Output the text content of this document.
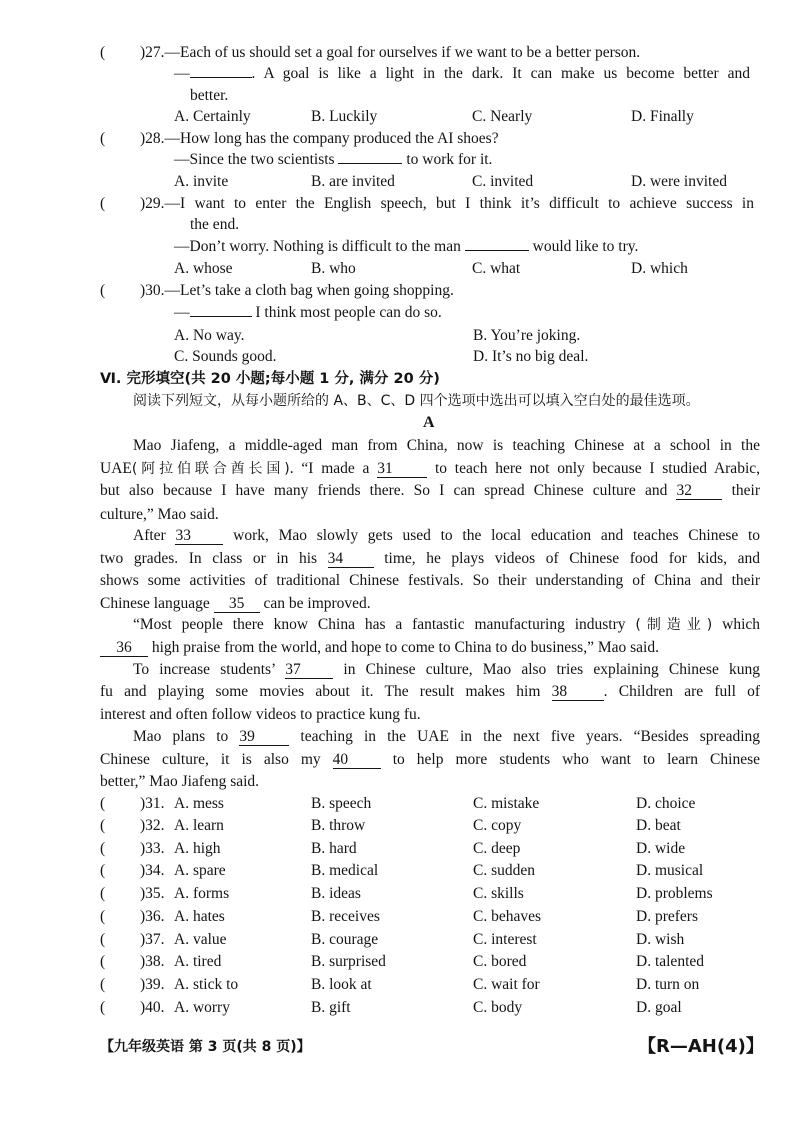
( )27.—Each of us should set a goal for ourselves if we want to be a better person.
—	. A goal is like a light in the dark. It can make us become better and
better.
A. Certainly	B. Luckily	C. Nearly	D. Finally
( )28.—How long has the company produced the AI shoes?
—Since the two scientists	to work for it.
A. invite	B. are invited	C. invited	D. were invited
( )29.—I want to enter the English speech, but I think it’s difficult to achieve success in
the end.
—Don’t worry. Nothing is difficult to the man	would like to try.
A. whose	B. who	C. what	D. which
( )30.—Let’s take a cloth bag when going shopping.
—	I think most people can do so.
A. No way.	B. You’re joking.
C. Sounds good.	D. It’s no big deal.
Ⅵ. 完形填空(共 20 小题;每小题 1 分, 满分 20 分)
阅读下列短文，从每小题所给的 A、B、C、D 四个选项中选出可以填入空白处的最佳选项。
A
Mao Jiafeng, a middle-aged man from China, now is teaching Chinese at a school in the
UAE(阿拉伯联合酋长国). “I made a 31	to teach here not only because I studied Arabic,
but also because I have many friends there. So I can spread Chinese culture and 32	their
culture,” Mao said.
After 33	work, Mao slowly gets used to the local education and teaches Chinese to
two grades. In class or in his 34	time, he plays videos of Chinese food for kids, and
shows some activities of traditional Chinese festivals. So their understanding of China and their
Chinese language 35 can be improved.
“Most people there know China has a fantastic manufacturing industry (制造业) which
36 high praise from the world, and hope to come to China to do business,” Mao said.
To increase students’ 37	in Chinese culture, Mao also tries explaining Chinese kung
fu and playing some movies about it. The result makes him 38 . Children are full of
interest and often follow videos to practice kung fu.
Mao plans to 39	teaching in the UAE in the next five years. “Besides spreading
Chinese culture, it is also my 40	to help more students who want to learn Chinese
better,” Mao Jiafeng said.
( )31. A. mess	B. speech	C. mistake	D. choice
( )32. A. learn	B. throw	C. copy	D. beat
( )33. A. high	B. hard	C. deep	D. wide
( )34. A. spare	B. medical	C. sudden	D. musical
( )35. A. forms	B. ideas	C. skills	D. problems
( )36. A. hates	B. receives	C. behaves	D. prefers
( )37. A. value	B. courage	C. interest	D. wish
( )38. A. tired	B. surprised	C. bored	D. talented
( )39. A. stick to	B. look at	C. wait for	D. turn on
( )40. A. worry	B. gift	C. body	D. goal
【九年级英语 第 3 页(共 8 页)】	【R—AH(4)】
